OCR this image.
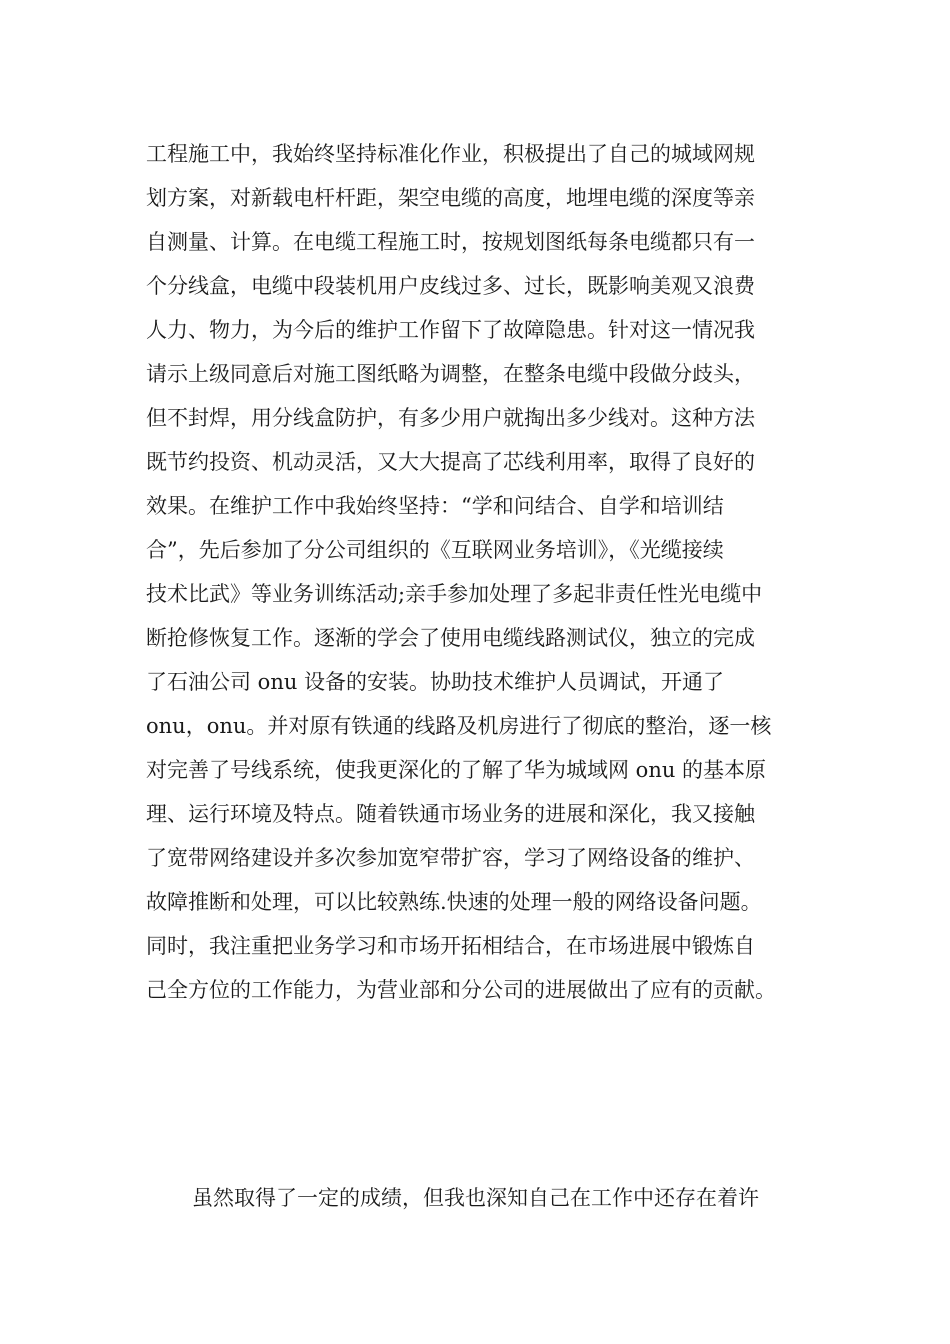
工程施工中，我始终坚持标准化作业，积极提出了自己的城域网规
划方案，对新载电杆杆距，架空电缆的高度，地埋电缆的深度等亲
自测量、计算。在电缆工程施工时，按规划图纸每条电缆都只有一
个分线盒，电缆中段装机用户皮线过多、过长，既影响美观又浪费
人力、物力，为今后的维护工作留下了故障隐患。针对这一情况我
请示上级同意后对施工图纸略为调整，在整条电缆中段做分歧头，
但不封焊，用分线盒防护，有多少用户就掏出多少线对。这种方法
既节约投资、机动灵活，又大大提高了芯线利用率，取得了良好的
效果。在维护工作中我始终坚持：“学和问结合、自学和培训结
合”，先后参加了分公司组织的《互联网业务培训》，《光缆接续
技术比武》等业务训练活动;亲手参加处理了多起非责任性光电缆中
断抢修恢复工作。逐渐的学会了使用电缆线路测试仪，独立的完成
了石油公司 onu 设备的安装。协助技术维护人员调试，开通了
onu，onu。并对原有铁通的线路及机房进行了彻底的整治，逐一核
对完善了号线系统，使我更深化的了解了华为城域网 onu 的基本原
理、运行环境及特点。随着铁通市场业务的进展和深化，我又接触
了宽带网络建设并多次参加宽窄带扩容，学习了网络设备的维护、
故障推断和处理，可以比较熟练.快速的处理一般的网络设备问题。
同时，我注重把业务学习和市场开拓相结合，在市场进展中锻炼自
己全方位的工作能力，为营业部和分公司的进展做出了应有的贡献。
虽然取得了一定的成绩，但我也深知自己在工作中还存在着许
